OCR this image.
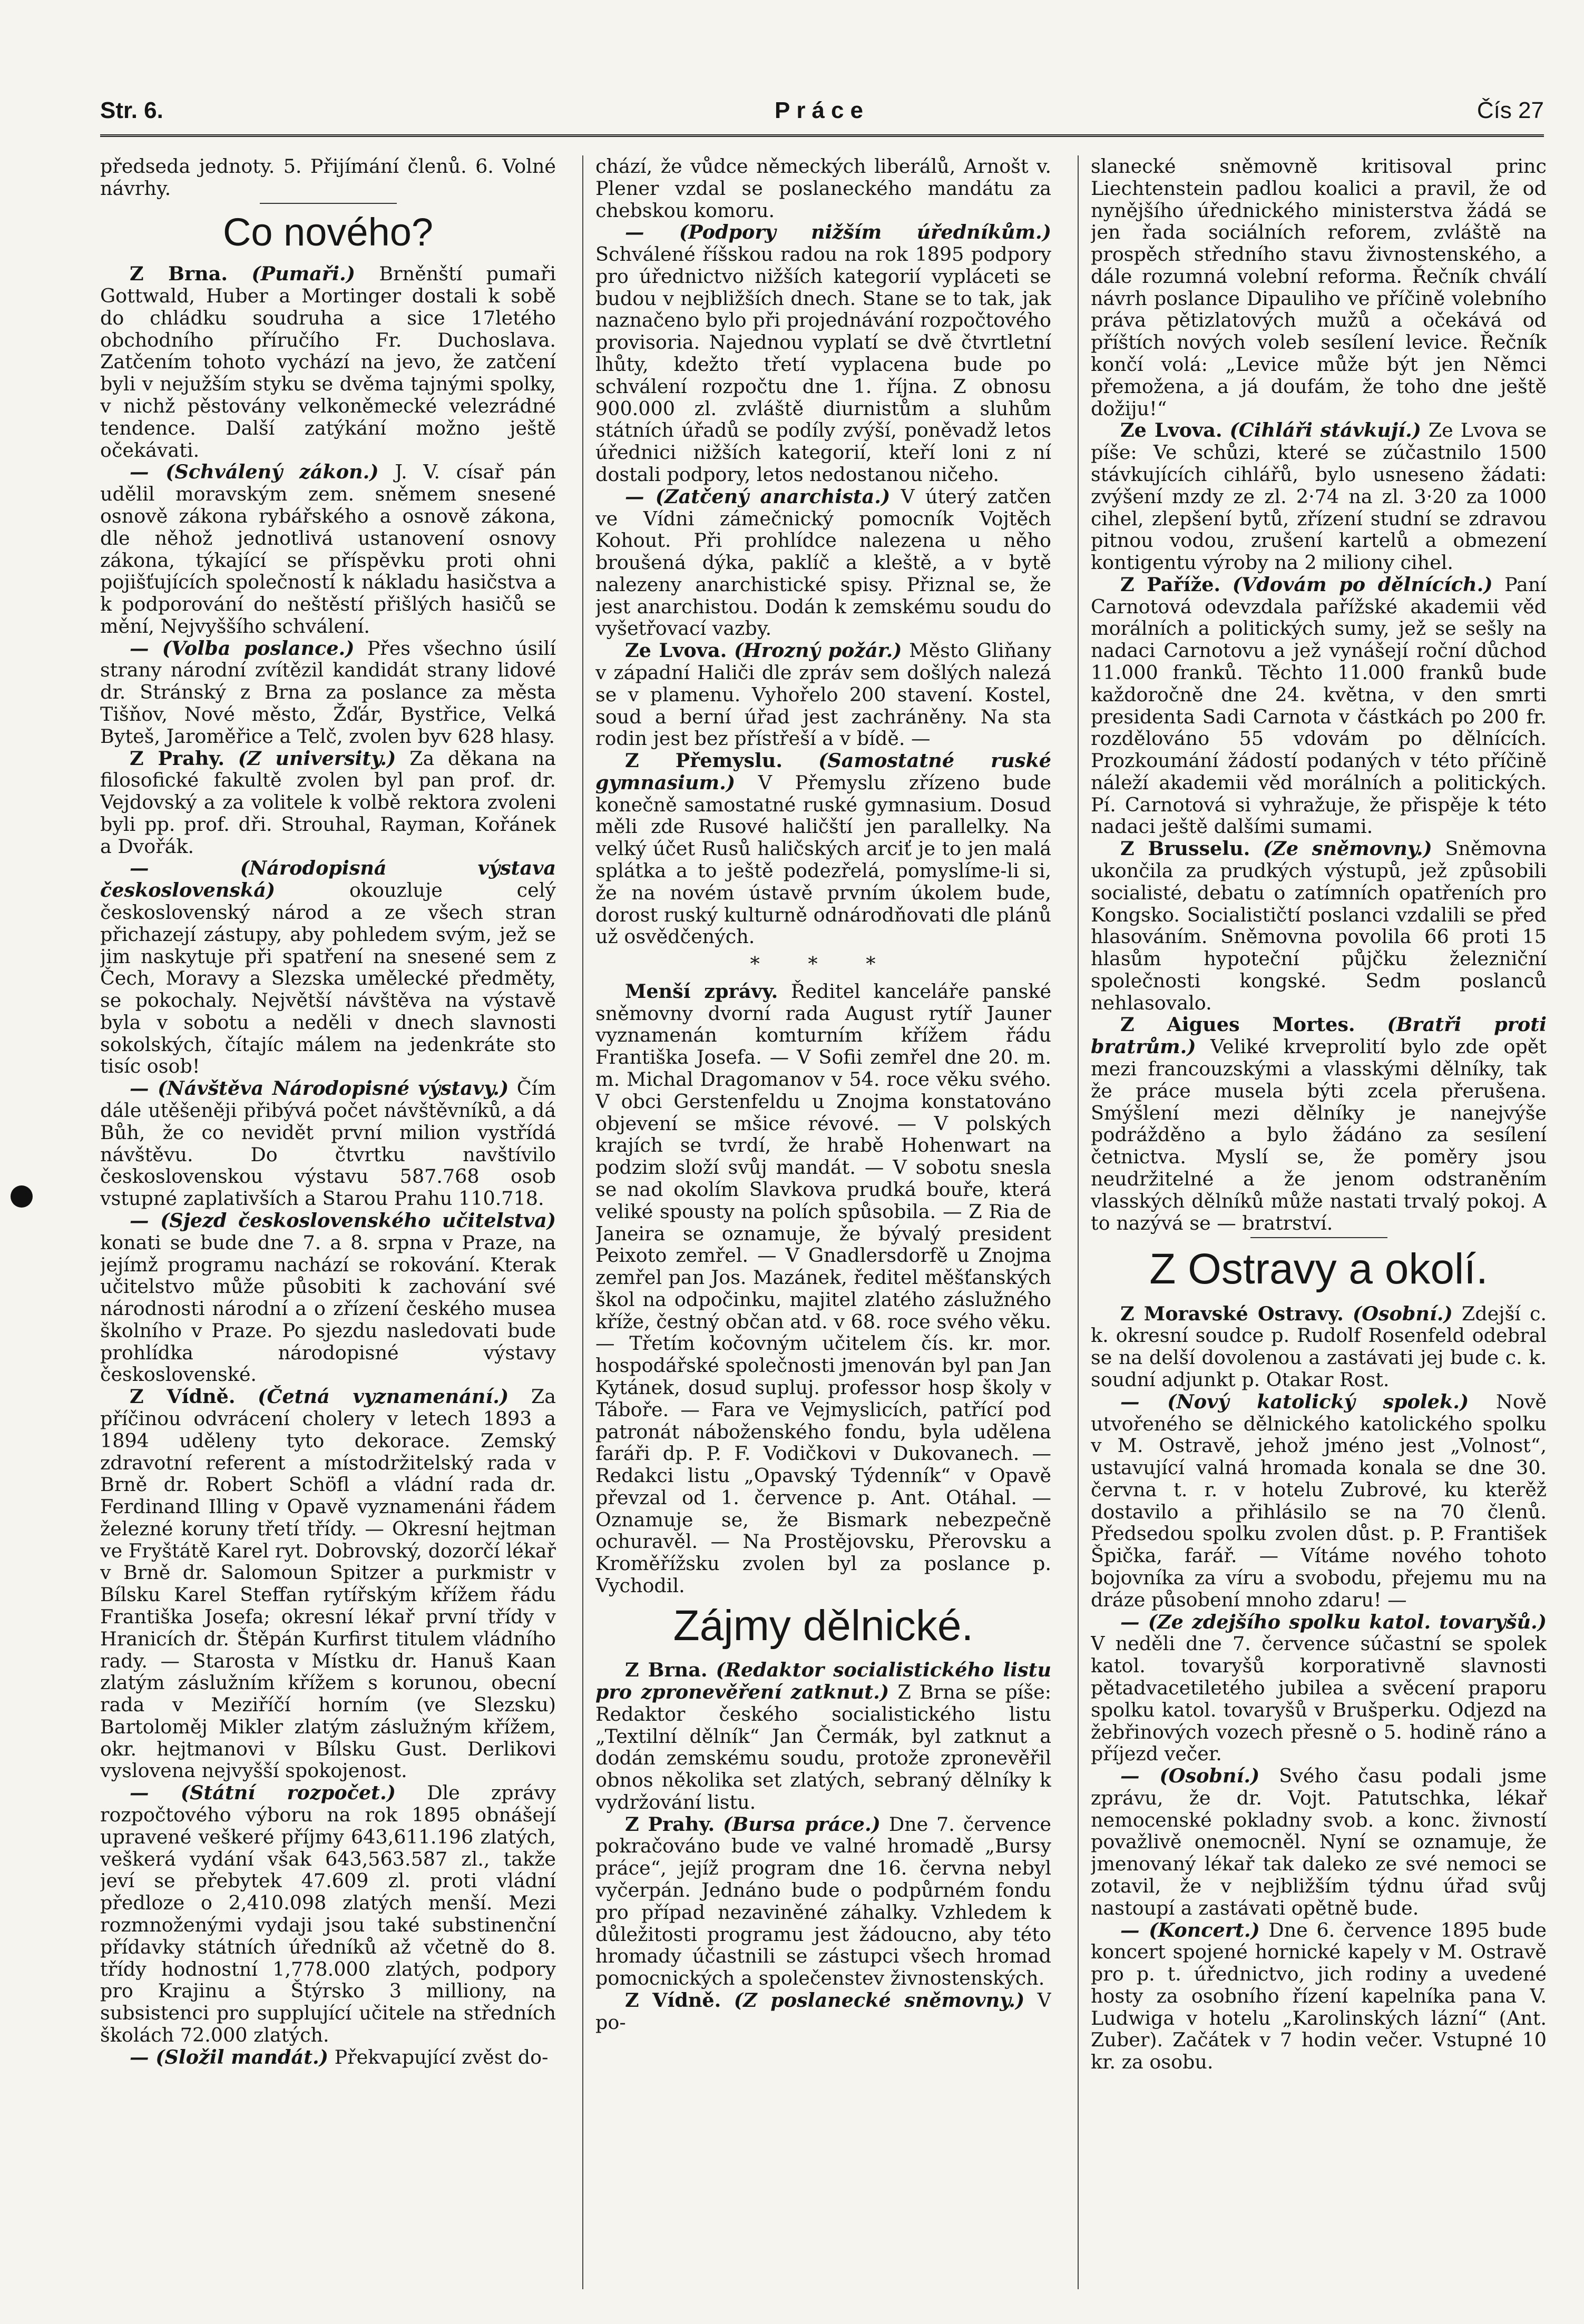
Str. 6.	Práce	Čís 27

předseda jednoty. 5. Přijímání členů. 6. Volné návrhy.

Co nového?

Z Brna. (Pumaři.) Brněnští pumaři Gottwald, Huber a Mortinger dostali k sobě do chládku soudruha a sice 17letého obchodního příručího Fr. Duchoslava. Zatčením tohoto vychází na jevo, že zatčení byli v nejužším styku se dvěma tajnými spolky, v nichž pěstovány velkoněmecké velezrádné tendence. Další zatýkání možno ještě očekávati.

— (Schválený zákon.) J. V. císař pán udělil moravským zem. sněmem snesené osnově zákona rybářského a osnově zákona, dle něhož jednotlivá ustanovení osnovy zákona, týkající se příspěvku proti ohni pojišťujících společností k nákladu hasičstva a k podporování do neštěstí přišlých hasičů se mění, Nejvyššího schválení.

— (Volba poslance.) Přes všechno úsilí strany národní zvítězil kandidát strany lidové dr. Stránský z Brna za poslance za města Tišňov, Nové město, Žďár, Bystřice, Velká Byteš, Jaroměřice a Telč, zvolen byv 628 hlasy.

Z Prahy. (Z university.) Za děkana na filosofické fakultě zvolen byl pan prof. dr. Vejdovský a za volitele k volbě rektora zvoleni byli pp. prof. dři. Strouhal, Rayman, Kořánek a Dvořák.

— (Národopisná výstava československá)	okouzluje celý československý národ a ze všech stran přichazejí zástupy, aby pohledem svým, jež se jim naskytuje při spatření na snesené sem z Čech, Moravy a Slezska umělecké předměty, se pokochaly. Největší návštěva na výstavě byla v sobotu a neděli v dnech slavnosti sokolských, čítajíc málem na jedenkráte sto tisíc osob!

— (Návštěva Národopisné výstavy.) Čím dále utěšeněji přibývá počet návštěvníků, a dá Bůh, že co nevidět první milion vystřídá návštěvu. Do čtvrtku navštívilo československou výstavu 587.768 osob vstupné zaplativších a Starou Prahu 110.718.

— (Sjezd československého učitelstva) konati se bude dne 7. a 8. srpna v Praze, na jejímž programu nachází se rokování. Kterak učitelstvo může působiti k zachování své národnosti národní a o zřízení českého musea školního v Praze. Po sjezdu nasledovati bude prohlídka národopisné výstavy československé.

Z Vídně. (Četná vyznamenání.) Za příčinou odvrácení cholery v letech 1893 a 1894 uděleny tyto dekorace. Zemský zdravotní referent a místodržitelský rada v Brně dr. Robert Schöfl a vládní rada dr. Ferdinand Illing v Opavě vyznamenáni řádem železné koruny třetí třídy. — Okresní hejtman ve Fryštátě Karel ryt. Dobrovský, dozorčí lékař v Brně dr. Salomoun Spitzer a purkmistr v Bílsku Karel Steffan rytířským křížem řádu Františka Josefa; okresní lékař první třídy v Hranicích dr. Štěpán Kurfirst titulem vládního rady. — Starosta v Místku dr. Hanuš Kaan zlatým záslužním křížem s korunou, obecní rada v Meziříčí horním (ve Slezsku) Bartoloměj Mikler zlatým záslužným křížem, okr. hejtmanovi v Bílsku Gust. Derlikovi vyslovena nejvyšší spokojenost.

— (Státní rozpočet.) Dle zprávy rozpočtového výboru na rok 1895 obnášejí upravené veškeré příjmy 643,611.196 zlatých, veškerá vydání však 643,563.587 zl., takže jeví se přebytek 47.609 zl. proti vládní předloze o 2,410.098 zlatých menší. Mezi rozmnoženými vydaji jsou také substinenční přídavky státních úředníků až včetně do 8. třídy hodnostní 1,778.000 zlatých, podpory pro Krajinu a Štýrsko 3 milliony, na subsistenci pro supplující učitele na středních školách 72.000 zlatých.

— (Složil mandát.) Překvapující zvěst do-

chází, že vůdce německých liberálů, Arnošt v. Plener vzdal se poslaneckého mandátu za chebskou komoru.

— (Podpory nižším úředníkům.) Schválené říšskou radou na rok 1895 podpory pro úřednictvo nižších kategorií vypláceti se budou v nejbližších dnech. Stane se to tak, jak naznačeno bylo při projednávání rozpočtového provisoria. Najednou vyplatí se dvě čtvrtletní lhůty, kdežto třetí vyplacena bude po schválení rozpočtu dne 1. října. Z obnosu 900.000 zl. zvláště diurnistům a sluhům státních úřadů se podíly zvýší, poněvadž letos úřednici nižších kategorií, kteří loni z ní dostali podpory, letos nedostanou ničeho.

— (Zatčený anarchista.) V úterý zatčen ve Vídni zámečnický pomocník Vojtěch Kohout. Při prohlídce nalezena u něho broušená dýka, paklíč a kleště, a v bytě nalezeny anarchistické spisy. Přiznal se, že jest anarchistou. Dodán k zemskému soudu do vyšetřovací vazby.

Ze Lvova. (Hrozný požár.) Město Gliňany v západní Haliči dle zpráv sem došlých nalezá se v plamenu. Vyhořelo 200 stavení. Kostel, soud a berní úřad jest zachráněny. Na sta rodin jest bez přístřeší a v bídě. —

Z Přemyslu. (Samostatné ruské gymnasium.) V Přemyslu zřízeno bude konečně samostatné ruské gymnasium. Dosud měli zde Rusové haličští jen parallelky. Na velký účet Rusů haličských arciť je to jen malá splátka a to ještě podezřelá, pomyslíme-li si, že na novém ústavě prvním úkolem bude, dorost ruský kulturně odnárodňovati dle plánů už osvědčených.

* * *

Menší zprávy. Ředitel kanceláře panské sněmovny dvorní rada August rytíř Jauner vyznamenán komturním křížem řádu Františka Josefa. — V Sofii zemřel dne 20. m. m. Michal Dragomanov v 54. roce věku svého. V obci Gerstenfeldu u Znojma konstatováno objevení se mšice révové. — V polských krajích se tvrdí, že hrabě Hohenwart na podzim složí svůj mandát. — V sobotu snesla se nad okolím Slavkova prudká bouře, která veliké spousty na polích spůsobila. — Z Ria de Janeira se oznamuje, že bývalý president Peixoto zemřel. — V Gnadlersdorfě u Znojma zemřel pan Jos. Mazánek, ředitel měšťanských škol na odpočinku, majitel zlatého záslužného kříže, čestný občan atd. v 68. roce svého věku. — Třetím kočovným učitelem čís. kr. mor. hospodářské společnosti jmenován byl pan Jan Kytánek, dosud supluj. professor hosp školy v Táboře. — Fara ve Vejmyslicích, patřící pod patronát náboženského fondu, byla udělena faráři dp. P. F. Vodičkovi v Dukovanech. — Redakci listu „Opavský Týdenník“ v Opavě převzal od 1. července p. Ant. Otáhal. — Oznamuje se, že Bismark nebezpečně ochuravěl. — Na Prostějovsku, Přerovsku a Kroměřížsku zvolen byl za poslance p. Vychodil.

Zájmy dělnické.

Z Brna. (Redaktor socialistického listu pro zpronevěření zatknut.) Z Brna se píše: Redaktor českého socialistického listu „Textilní dělník“ Jan Čermák, byl zatknut a dodán zemskému soudu, protože zpronevěřil obnos několika set zlatých, sebraný dělníky k vydržování listu.

Z Prahy. (Bursa práce.) Dne 7. července pokračováno bude ve valné hromadě „Bursy práce“, jejíž program dne 16. června nebyl vyčerpán. Jednáno bude o podpůrném fondu pro případ nezaviněné záhalky. Vzhledem k důležitosti programu jest žádoucno, aby této hromady účastnili se zástupci všech hromad pomocnických a společenstev živnostenských.

Z Vídně. (Z poslanecké sněmovny.) V po-

slanecké sněmovně kritisoval princ Liechtenstein padlou koalici a pravil, že od nynějšího úřednického ministerstva žádá se jen řada sociálních reforem, zvláště na prospěch středního stavu živnostenského, a dále rozumná volební reforma. Řečník chválí návrh poslance Dipauliho ve příčině volebního práva pětizlatových mužů a očekává od příštích nových voleb sesílení levice. Řečník končí volá: „Levice může být jen Němci přemožena, a já doufám, že toho dne ještě dožiju!“

Ze Lvova. (Cihláři stávkují.) Ze Lvova se píše: Ve schůzi, které se zúčastnilo 1500 stávkujících cihlářů, bylo usneseno žádati: zvýšení mzdy ze zl. 2·74 na zl. 3·20 za 1000 cihel, zlepšení bytů, zřízení studní se zdravou pitnou vodou, zrušení kartelů a obmezení kontigentu výroby na 2 miliony cihel.

Z Paříže. (Vdovám po dělnících.) Paní Carnotová odevzdala pařížské akademii věd morálních a politických sumy, jež se sešly na nadaci Carnotovu a jež vynášejí roční důchod 11.000 franků. Těchto 11.000 franků bude každoročně dne 24. května, v den smrti presidenta Sadi Carnota v částkách po 200 fr. rozdělováno 55 vdovám po dělnících. Prozkoumání žádostí podaných v této příčině náleží akademii věd morálních a politických. Pí. Carnotová si vyhražuje, že přispěje k této nadaci ještě dalšími sumami.

Z Brusselu. (Ze sněmovny.) Sněmovna ukončila za prudkých výstupů, jež způsobili socialisté, debatu o zatímních opatřeních pro Kongsko. Socialističtí poslanci vzdalili se před hlasováním. Sněmovna povolila 66 proti 15 hlasům hypoteční půjčku železniční společnosti kongské. Sedm poslanců nehlasovalo.

Z Aigues Mortes. (Bratři proti bratrům.) Veliké krveprolití bylo zde opět mezi francouzskými a vlasskými dělníky, tak že práce musela býti zcela přerušena. Smýšlení mezi dělníky je nanejvýše podrážděno a bylo žádáno za sesílení četnictva. Myslí se, že poměry jsou neudržitelné a že jenom odstraněním vlasských dělníků může nastati trvalý pokoj. A to nazývá se — bratrství.

Z Ostravy a okolí.

Z Moravské Ostravy. (Osobní.) Zdejší c. k. okresní soudce p. Rudolf Rosenfeld odebral se na delší dovolenou a zastávati jej bude c. k. soudní adjunkt p. Otakar Rost.

— (Nový katolický spolek.) Nově utvořeného se dělnického katolického spolku v M. Ostravě, jehož jméno jest „Volnost“, ustavující valná hromada konala se dne 30. června t. r. v hotelu Zubrové, ku kterěž dostavilo a přihlásilo se na 70 členů. Předsedou spolku zvolen důst. p. P. František Špička, farář. — Vítáme nového tohoto bojovníka za víru a svobodu, přejemu mu na dráze působení mnoho zdaru! —

— (Ze zdejšího spolku katol. tovaryšů.) V neděli dne 7. července súčastní se spolek katol. tovaryšů korporativně slavnosti pětadvacetiletého jubilea a svěcení praporu spolku katol. tovaryšů v Brušperku. Odjezd na žebřinových vozech přesně o 5. hodině ráno a příjezd večer.

— (Osobní.) Svého času podali jsme zprávu, že dr. Vojt. Patutschka, lékař nemocenské pokladny svob. a konc. živností považlivě onemocněl. Nyní se oznamuje, že jmenovaný lékař tak daleko ze své nemoci se zotavil, že v nejbližším týdnu úřad svůj nastoupí a zastávati opětně bude.

— (Koncert.) Dne 6. července 1895 bude koncert spojené hornické kapely v M. Ostravě pro p. t. úřednictvo, jich rodiny a uvedené hosty za osobního řízení kapelníka pana V. Ludwiga v hotelu „Karolinských lázní“ (Ant. Zuber). Začátek v 7 hodin večer. Vstupné 10 kr. za osobu.
